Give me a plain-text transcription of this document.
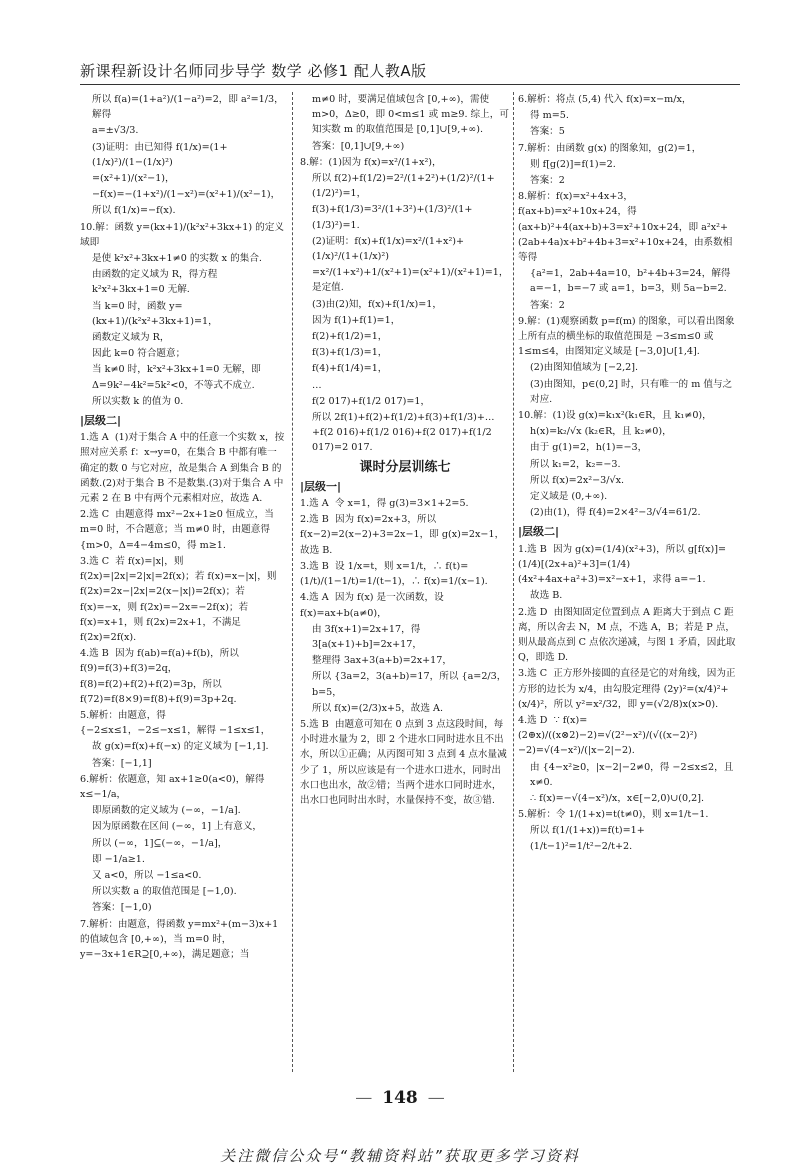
新课程新设计名师同步导学 数学 必修1 配人教A版
所以 f(a)=(1+a²)/(1−a²)=2，即 a²=1/3，解得
a=±√3/3.
(3)证明：由已知得 f(1/x)=(1+(1/x)²)/(1−(1/x)²)
=(x²+1)/(x²−1)，
−f(x)=−(1+x²)/(1−x²)=(x²+1)/(x²−1)，
所以 f(1/x)=−f(x).
10.解：函数 y=(kx+1)/(k²x²+3kx+1) 的定义域即
是使 k²x²+3kx+1≠0 的实数 x 的集合.
由函数的定义域为 R，得方程 k²x²+3kx+1=0 无解.
当 k=0 时，函数 y=(kx+1)/(k²x²+3kx+1)=1，
函数定义域为 R，
因此 k=0 符合题意；
当 k≠0 时，k²x²+3kx+1=0 无解，即 Δ=9k²−4k²=5k²<0，不等式不成立.
所以实数 k 的值为 0.
|层级二|
1.选 A  (1)对于集合 A 中的任意一个实数 x，按照对应关系 f：x→y=0，在集合 B 中都有唯一确定的数 0 与它对应，故是集合 A 到集合 B 的函数.(2)对于集合 B 不是数集.(3)对于集合 A 中元素 2 在 B 中有两个元素相对应，故选 A.
2.选 C  由题意得 mx²−2x+1≥0 恒成立，当 m=0 时，不合题意；当 m≠0 时，由题意得 {m>0，Δ=4−4m≤0，得 m≥1.
3.选 C  若 f(x)=|x|，则 f(2x)=|2x|=2|x|=2f(x)；若 f(x)=x−|x|，则 f(2x)=2x−|2x|=2(x−|x|)=2f(x)；若 f(x)=−x，则 f(2x)=−2x=−2f(x)；若 f(x)=x+1，则 f(2x)=2x+1，不满足 f(2x)=2f(x).
4.选 B  因为 f(ab)=f(a)+f(b)，所以 f(9)=f(3)+f(3)=2q，f(8)=f(2)+f(2)+f(2)=3p，所以 f(72)=f(8×9)=f(8)+f(9)=3p+2q.
5.解析：由题意，得 {−2≤x≤1，−2≤−x≤1，解得 −1≤x≤1，
故 g(x)=f(x)+f(−x) 的定义域为 [−1,1].
答案：[−1,1]
6.解析：依题意，知 ax+1≥0(a<0)，解得 x≤−1/a，
即原函数的定义域为 (−∞，−1/a].
因为原函数在区间 (−∞，1] 上有意义，
所以 (−∞，1]⊆(−∞，−1/a]，
即 −1/a≥1.
又 a<0，所以 −1≤a<0.
所以实数 a 的取值范围是 [−1,0).
答案：[−1,0)
7.解析：由题意，得函数 y=mx²+(m−3)x+1 的值域包含 [0,+∞)，当 m=0 时，y=−3x+1∈R⊇[0,+∞)，满足题意；当
m≠0 时，要满足值域包含 [0,+∞)，需使 m>0，Δ≥0，即 0<m≤1 或 m≥9. 综上，可知实数 m 的取值范围是 [0,1]∪[9,+∞).
答案：[0,1]∪[9,+∞)
8.解：(1)因为 f(x)=x²/(1+x²)，
所以 f(2)+f(1/2)=2²/(1+2²)+(1/2)²/(1+(1/2)²)=1，
f(3)+f(1/3)=3²/(1+3²)+(1/3)²/(1+(1/3)²)=1.
(2)证明：f(x)+f(1/x)=x²/(1+x²)+(1/x)²/(1+(1/x)²)
=x²/(1+x²)+1/(x²+1)=(x²+1)/(x²+1)=1，是定值.
(3)由(2)知，f(x)+f(1/x)=1，
因为 f(1)+f(1)=1，
f(2)+f(1/2)=1，
f(3)+f(1/3)=1，
f(4)+f(1/4)=1，
…
f(2 017)+f(1/2 017)=1，
所以 2f(1)+f(2)+f(1/2)+f(3)+f(1/3)+…+f(2 016)+f(1/2 016)+f(2 017)+f(1/2 017)=2 017.
课时分层训练七
|层级一|
1.选 A  令 x=1，得 g(3)=3×1+2=5.
2.选 B  因为 f(x)=2x+3，所以 f(x−2)=2(x−2)+3=2x−1，即 g(x)=2x−1，故选 B.
3.选 B  设 1/x=t，则 x=1/t，∴ f(t)=(1/t)/(1−1/t)=1/(t−1)，∴ f(x)=1/(x−1).
4.选 A  因为 f(x) 是一次函数，设 f(x)=ax+b(a≠0)，
由 3f(x+1)=2x+17，得 3[a(x+1)+b]=2x+17，
整理得 3ax+3(a+b)=2x+17，
所以 {3a=2，3(a+b)=17，所以 {a=2/3，b=5，
所以 f(x)=(2/3)x+5，故选 A.
5.选 B  由题意可知在 0 点到 3 点这段时间，每小时进水量为 2，即 2 个进水口同时进水且不出水，所以①正确；从丙图可知 3 点到 4 点水量减少了 1，所以应该是有一个进水口进水，同时出水口也出水，故②错；当两个进水口同时进水，出水口也同时出水时，水量保持不变，故③错.
6.解析：将点 (5,4) 代入 f(x)=x−m/x，
得 m=5.
答案：5
7.解析：由函数 g(x) 的图象知，g(2)=1，
则 f[g(2)]=f(1)=2.
答案：2
8.解析：f(x)=x²+4x+3，f(ax+b)=x²+10x+24，得 (ax+b)²+4(ax+b)+3=x²+10x+24，即 a²x²+(2ab+4a)x+b²+4b+3=x²+10x+24，由系数相等得
{a²=1，2ab+4a=10，b²+4b+3=24，解得 a=−1，b=−7 或 a=1，b=3，则 5a−b=2.
答案：2
9.解：(1)观察函数 p=f(m) 的图象，可以看出图象上所有点的横坐标的取值范围是 −3≤m≤0 或 1≤m≤4，由图知定义域是 [−3,0]∪[1,4].
(2)由图知值域为 [−2,2].
(3)由图知，p∈(0,2] 时，只有唯一的 m 值与之对应.
10.解：(1)设 g(x)=k₁x²(k₁∈R，且 k₁≠0)，
h(x)=k₂/√x (k₂∈R，且 k₂≠0)，
由于 g(1)=2，h(1)=−3，
所以 k₁=2，k₂=−3.
所以 f(x)=2x²−3/√x.
定义域是 (0,+∞).
(2)由(1)，得 f(4)=2×4²−3/√4=61/2.
|层级二|
1.选 B  因为 g(x)=(1/4)(x²+3)，所以 g[f(x)]=(1/4)[(2x+a)²+3]=(1/4)(4x²+4ax+a²+3)=x²−x+1，求得 a=−1.
故选 B.
2.选 D  由图知固定位置到点 A 距离大于到点 C 距离，所以舍去 N，M 点，不选 A，B；若是 P 点，则从最高点到 C 点依次递减，与图 1 矛盾，因此取 Q，即选 D.
3.选 C  正方形外接圆的直径是它的对角线，因为正方形的边长为 x/4，由勾股定理得 (2y)²=(x/4)²+(x/4)²，所以 y²=x²/32，即 y=(√2/8)x(x>0).
4.选 D  ∵ f(x)=(2⊕x)/((x⊗2)−2)=√(2²−x²)/(√((x−2)²)−2)=√(4−x²)/(|x−2|−2).
由 {4−x²≥0，|x−2|−2≠0，得 −2≤x≤2，且 x≠0.
∴ f(x)=−√(4−x²)/x，x∈[−2,0)∪(0,2].
5.解析：令 1/(1+x)=t(t≠0)，则 x=1/t−1.
所以 f(1/(1+x))=f(t)=1+(1/t−1)²=1/t²−2/t+2.
— 148 —
关注微信公众号“教辅资料站”获取更多学习资料
